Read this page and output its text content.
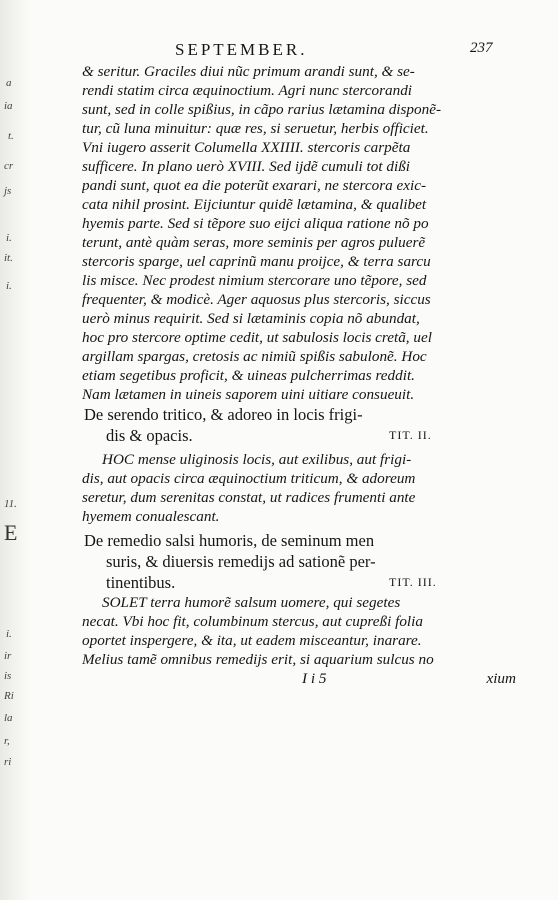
a
ia
t.
cr
js
i.
it.
i.
11.
E
i.
ir
is
Ri
la
r,
ri
SEPTEMBER.	237
& seritur. Graciles diui nũc primum arandi sunt, & se-
rendi statim circa æquinoctium. Agri nunc stercorandi
sunt, sed in colle spißius, in cãpo rarius lætamina disponẽ-
tur, cũ luna minuitur: quæ res, si seruetur, herbis officiet.
Vni iugero asserit Columella XXIIII. stercoris carpẽta
sufficere. In plano uerò XVIII. Sed ijdẽ cumuli tot dißi
pandi sunt, quot ea die poterũt exarari, ne stercora exic-
cata nihil prosint. Eijciuntur quidẽ lætamina, & qualibet
hyemis parte. Sed si tẽpore suo eijci aliqua ratione nõ po
terunt, antè quàm seras, more seminis per agros puluerẽ
stercoris sparge, uel caprinũ manu proijce, & terra sarcu
lis misce. Nec prodest nimium stercorare uno tẽpore, sed
frequenter, & modicè. Ager aquosus plus stercoris, siccus
uerò minus requirit. Sed si lætaminis copia nõ abundat,
hoc pro stercore optime cedit, ut sabulosis locis cretã, uel
argillam spargas, cretosis ac nimiũ spißis sabulonẽ. Hoc
etiam segetibus proficit, & uineas pulcherrimas reddit.
Nam lætamen in uineis saporem uini uitiare consueuit.
De serendo tritico, & adoreo in locis frigi-
dis & opacis.	TIT. II.
HOC mense uliginosis locis, aut exilibus, aut frigi-
dis, aut opacis circa æquinoctium triticum, & adoreum
seretur, dum serenitas constat, ut radices frumenti ante
hyemem conualescant.
De remedio salsi humoris, de seminum men
suris, & diuersis remedijs ad sationẽ per-
tinentibus.	TIT. III.
SOLET terra humorẽ salsum uomere, qui segetes
necat. Vbi hoc fit, columbinum stercus, aut cupreßi folia
oportet inspergere, & ita, ut eadem misceantur, inarare.
Melius tamẽ omnibus remedijs erit, si aquarium sulcus no
I i 5	xium
